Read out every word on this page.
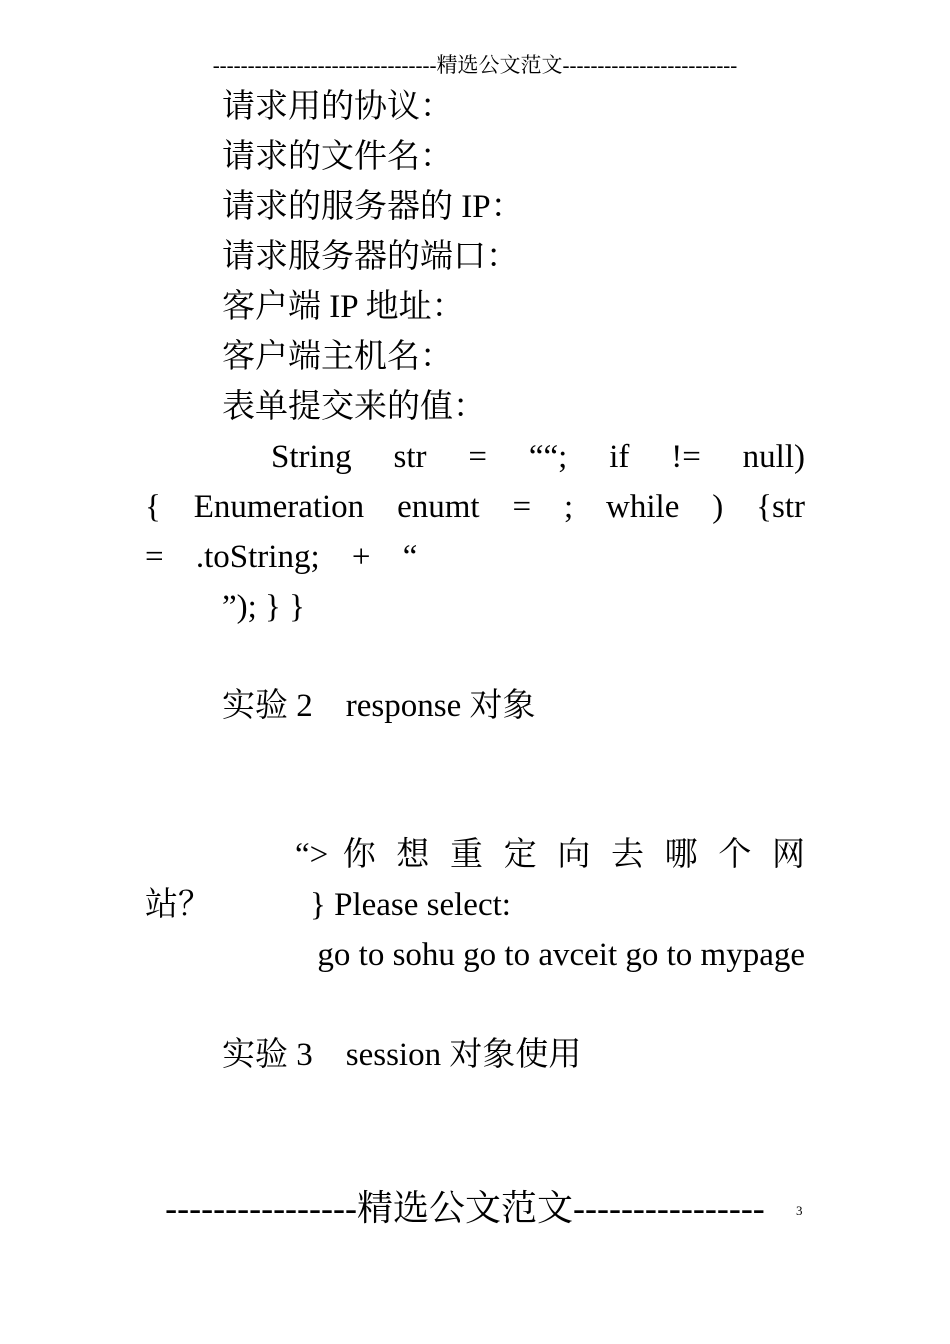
--------------------------------精选公文范文-------------------------
请求用的协议：
请求的文件名：
请求的服务器的 IP：
请求服务器的端口：
客户端 IP 地址：
客户端主机名：
表单提交来的值：
String str = ““; if != null)
{ Enumeration enumt = ; while ) {str
= .toString; + “
”); } }
实验 2　response 对象
“> 你 想 重 定 向 去 哪 个 网
站？　　　} Please select:
go to sohu go to avceit go to mypage
实验 3　session 对象使用
----------------精选公文范文----------------	3
